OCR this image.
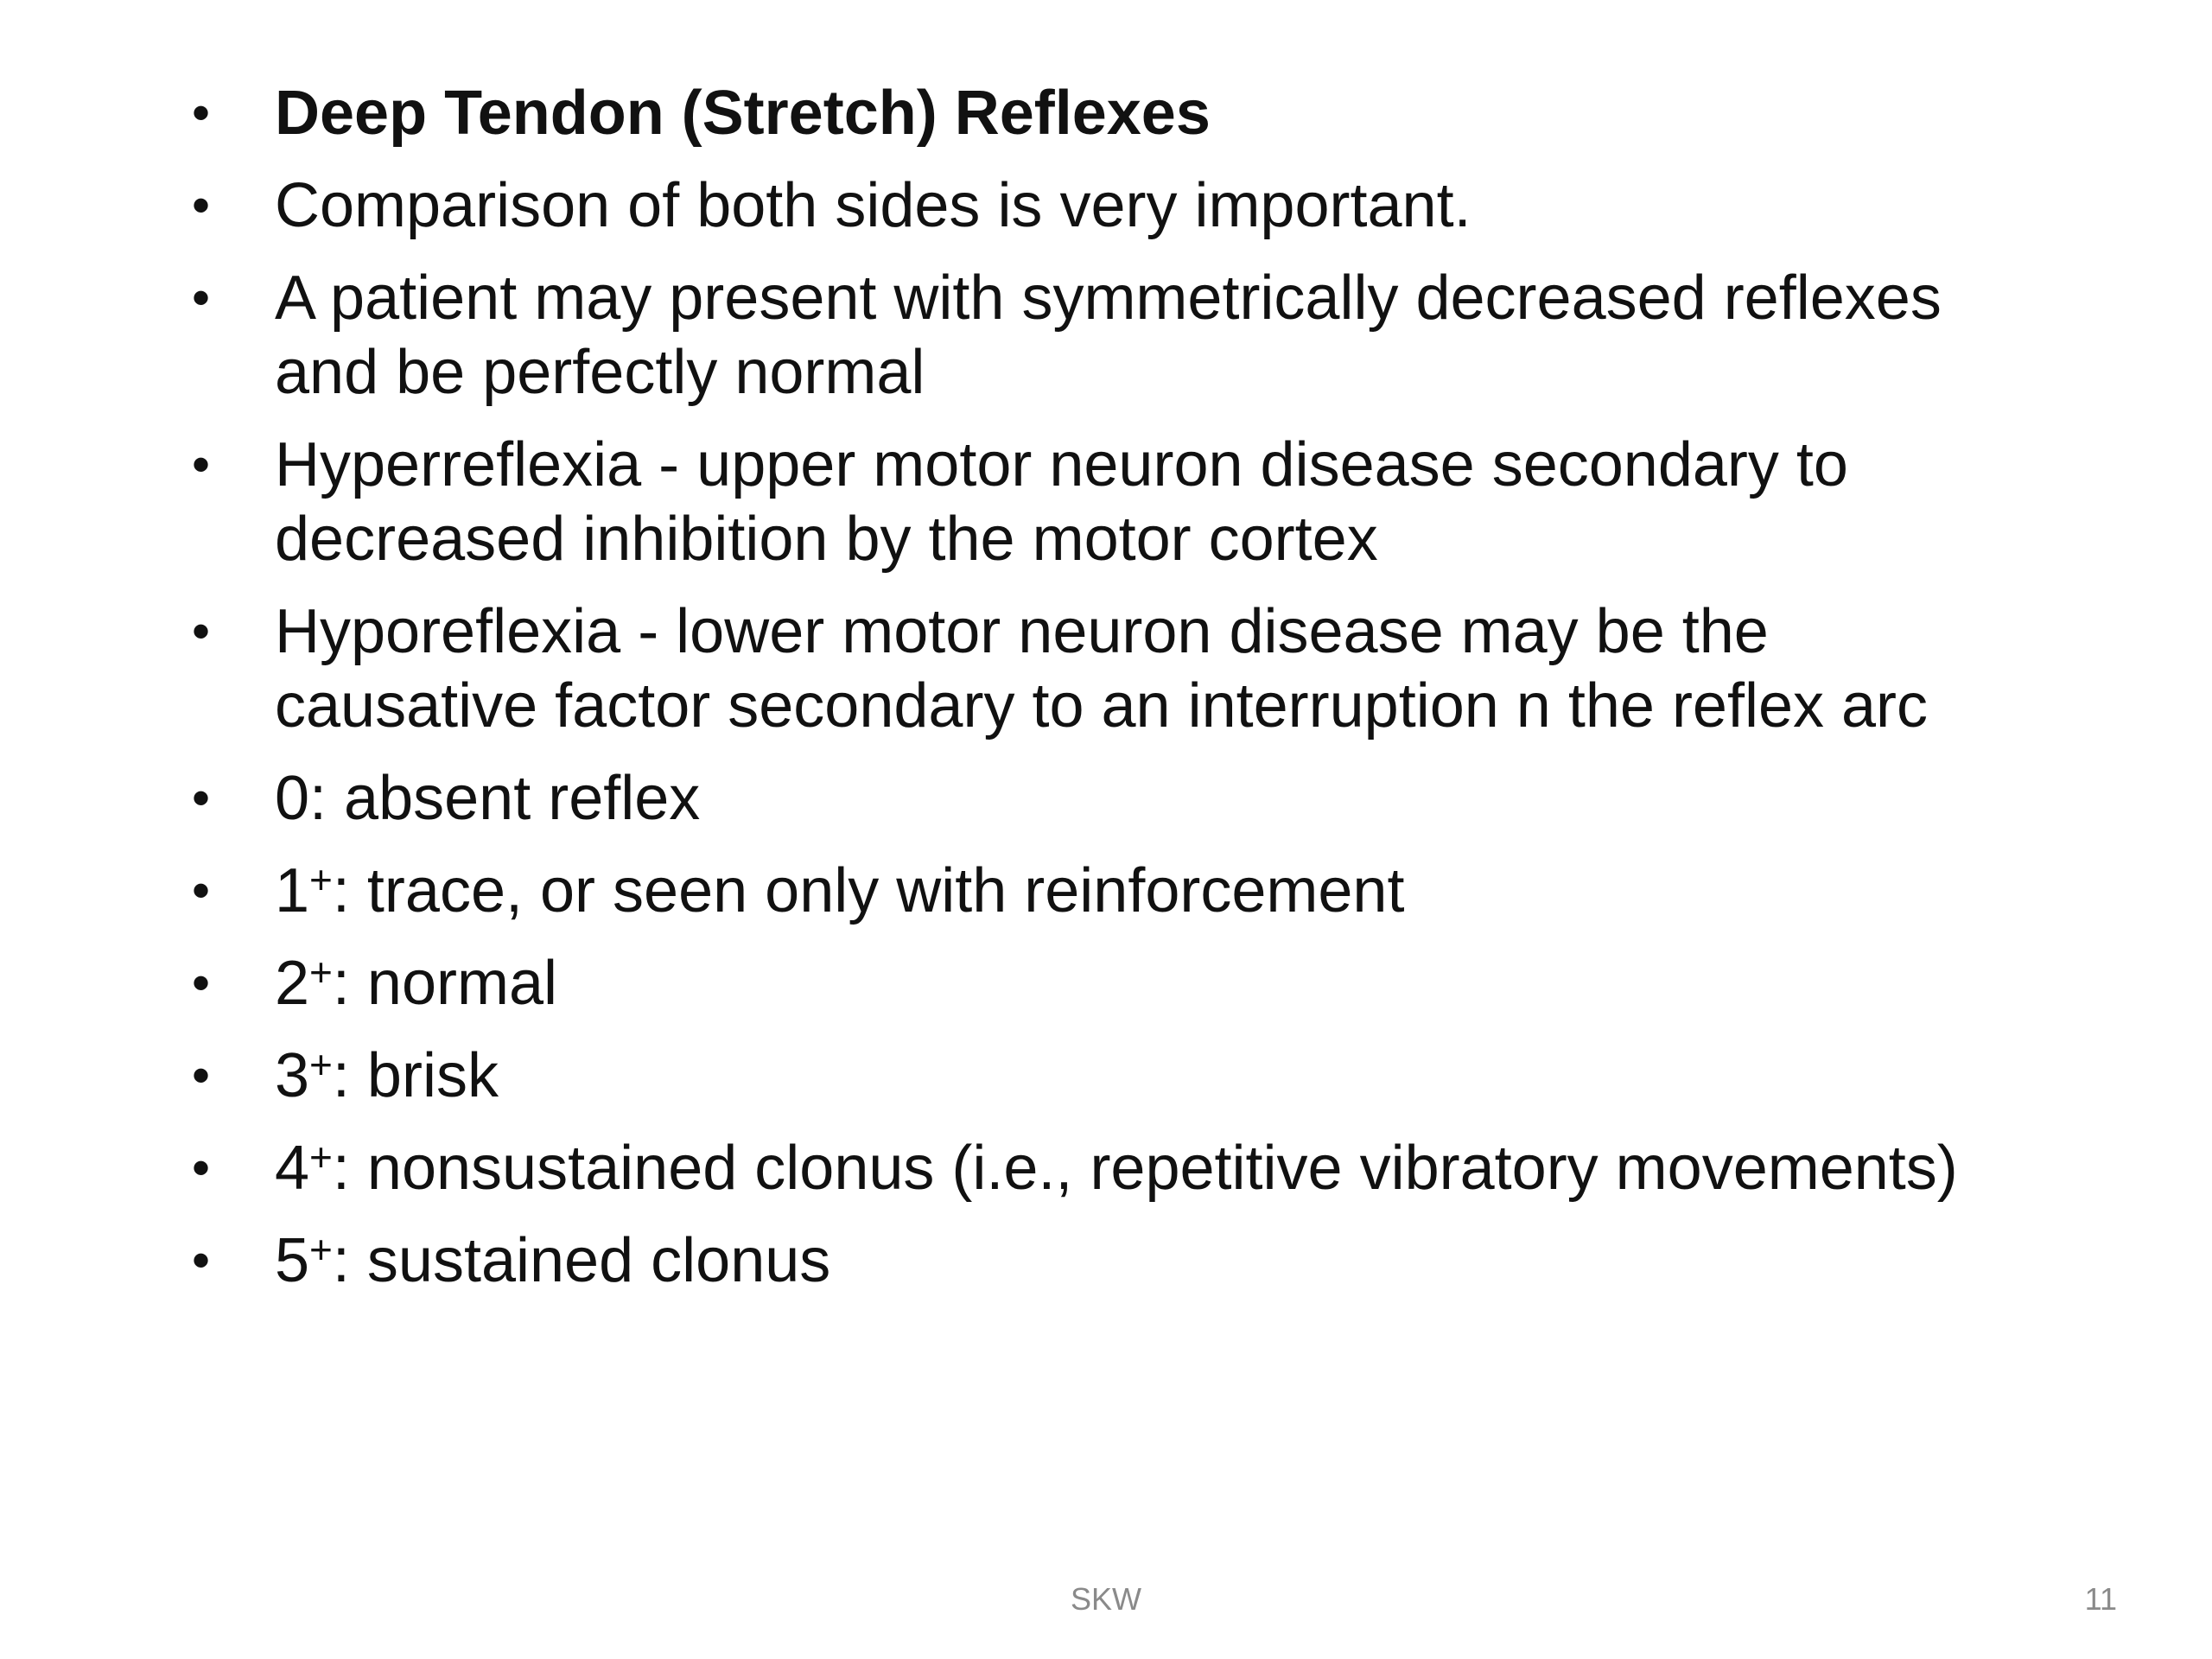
• Deep Tendon (Stretch) Reflexes
• Comparison of both sides is very important.
• A patient may present with symmetrically decreased reflexes and be perfectly normal
• Hyperreflexia - upper motor neuron disease secondary to decreased inhibition by the motor cortex
• Hyporeflexia - lower motor neuron disease may be the causative factor secondary to an interruption n the reflex arc
• 0: absent reflex
• 1+: trace, or seen only with reinforcement
• 2+: normal
• 3+: brisk
• 4+: nonsustained clonus (i.e., repetitive vibratory movements)
• 5+: sustained clonus
SKW	11
